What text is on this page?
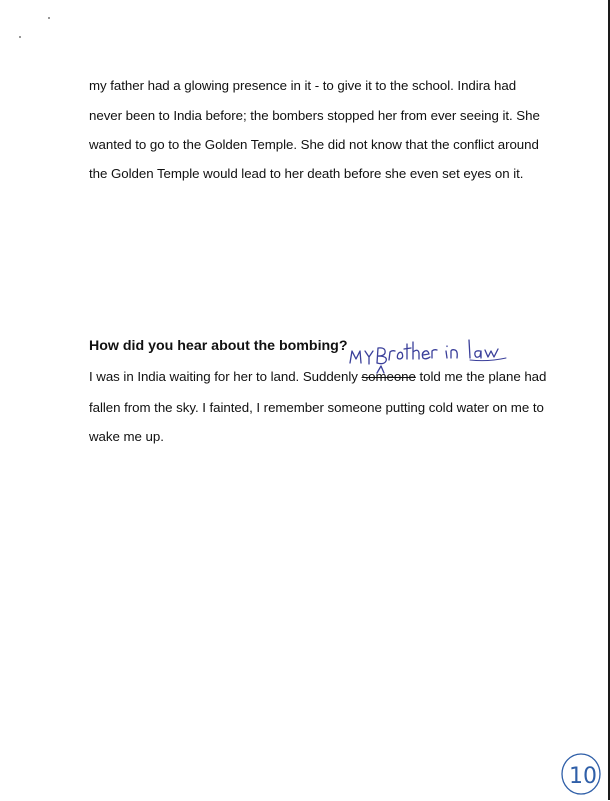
my father had a glowing presence in it - to give it to the school. Indira had
never been to India before; the bombers stopped her from ever seeing it. She
wanted to go to the Golden Temple. She did not know that the conflict around
the Golden Temple would lead to her death before she even set eyes on it.
How did you hear about the bombing?
I was in India waiting for her to land. Suddenly someone told me the plane had
fallen from the sky. I fainted, I remember someone putting cold water on me to
wake me up.
10
